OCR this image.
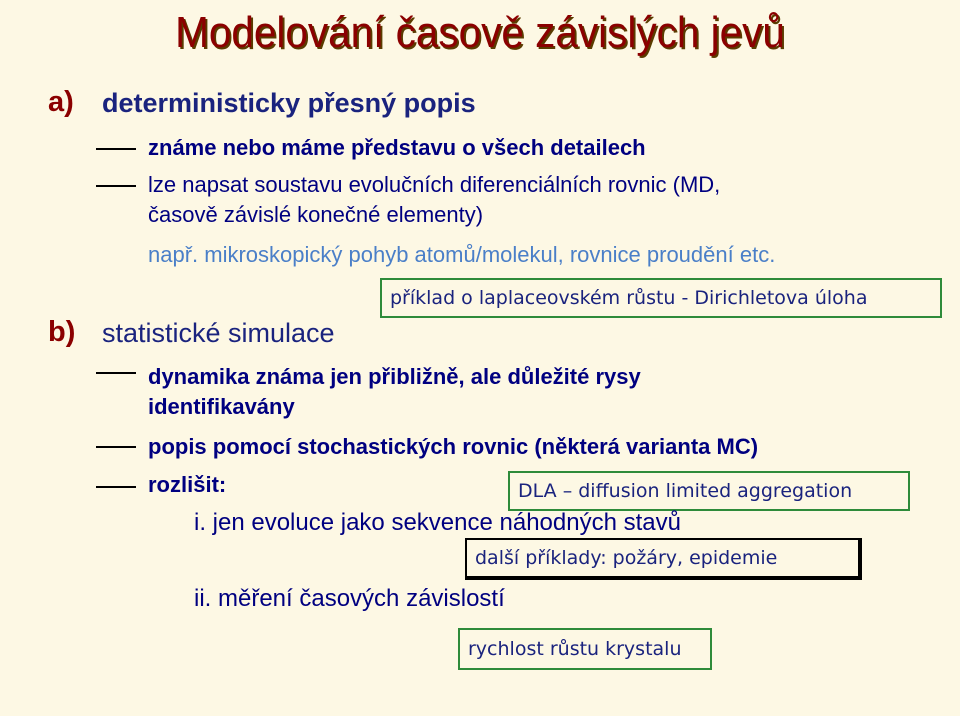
Modelování časově závislých jevů
a) deterministicky přesný popis
známe nebo máme představu o všech detailech
lze napsat soustavu evolučních diferenciálních rovnic (MD,
časově závislé konečné elementy)
např. mikroskopický pohyb atomů/molekul, rovnice proudění etc.
příklad o laplaceovském růstu - Dirichletova úloha
b) statistické simulace
dynamika známa jen přibližně, ale důležité rysy
identifikavány
popis pomocí stochastických rovnic (některá varianta MC)
rozlišit:	DLA – diffusion limited aggregation
i. jen evoluce jako sekvence náhodných stavů
další příklady: požáry, epidemie
ii. měření časových závislostí
rychlost růstu krystalu
